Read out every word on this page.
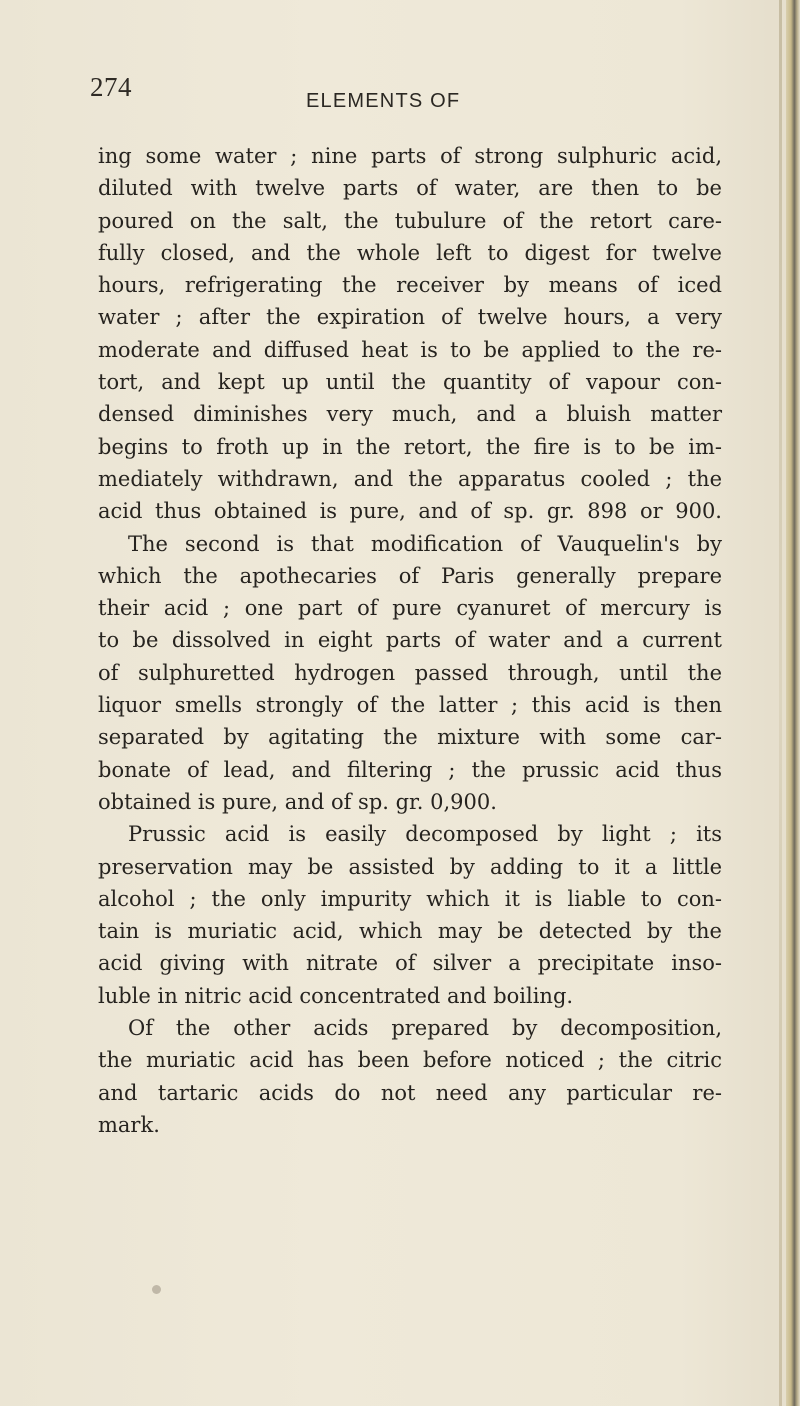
274	ELEMENTS OF

ing some water ; nine parts of strong sulphuric acid,
diluted with twelve parts of water, are then to be
poured on the salt, the tubulure of the retort care-
fully closed, and the whole left to digest for twelve
hours, refrigerating the receiver by means of iced
water ; after the expiration of twelve hours, a very
moderate and diffused heat is to be applied to the re-
tort, and kept up until the quantity of vapour con-
densed diminishes very much, and a bluish matter
begins to froth up in the retort, the fire is to be im-
mediately withdrawn, and the apparatus cooled ; the
acid thus obtained is pure, and of sp. gr. 898 or 900.

The second is that modification of Vauquelin's by
which the apothecaries of Paris generally prepare
their acid ; one part of pure cyanuret of mercury is
to be dissolved in eight parts of water and a current
of sulphuretted hydrogen passed through, until the
liquor smells strongly of the latter ; this acid is then
separated by agitating the mixture with some car-
bonate of lead, and filtering ; the prussic acid thus
obtained is pure, and of sp. gr. 0,900.

Prussic acid is easily decomposed by light ; its
preservation may be assisted by adding to it a little
alcohol ; the only impurity which it is liable to con-
tain is muriatic acid, which may be detected by the
acid giving with nitrate of silver a precipitate inso-
luble in nitric acid concentrated and boiling.

Of the other acids prepared by decomposition,
the muriatic acid has been before noticed ; the citric
and tartaric acids do not need any particular re-
mark.
